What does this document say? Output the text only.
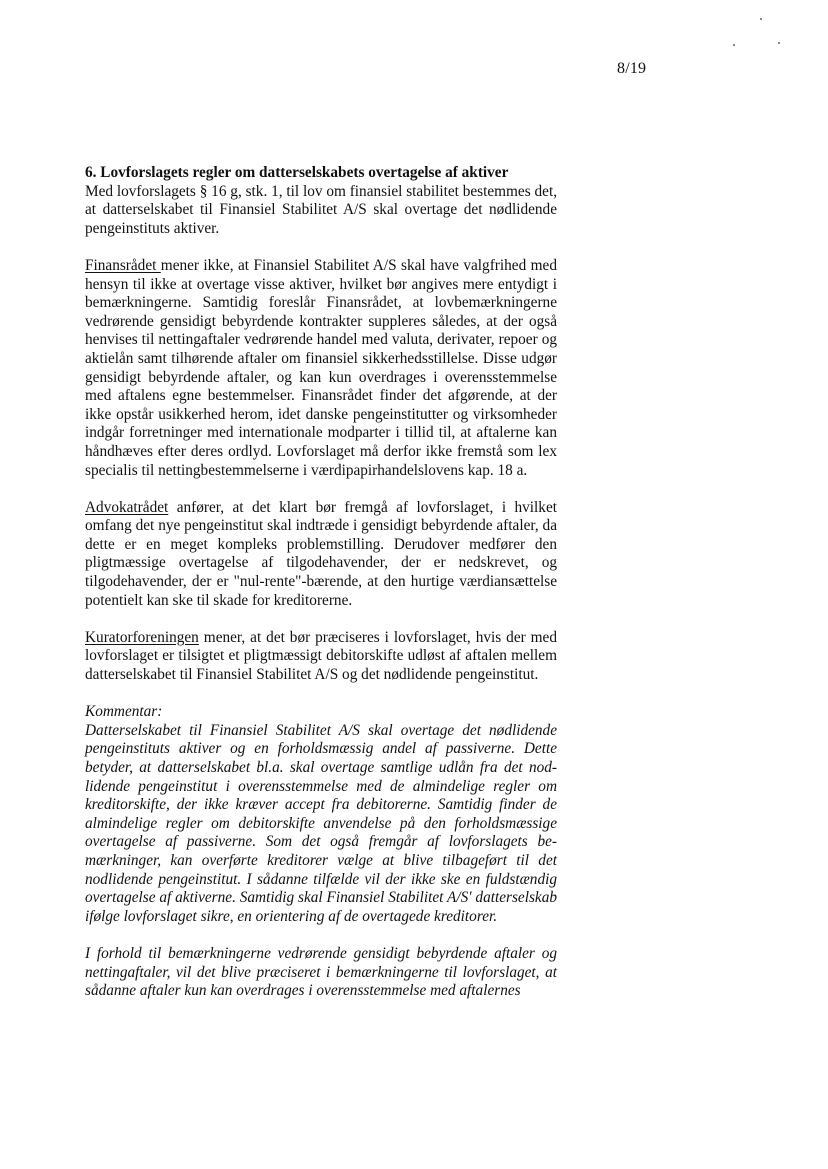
8/19

6. Lovforslagets regler om datterselskabets overtagelse af aktiver

Med lovforslagets § 16 g, stk. 1, til lov om finansiel stabilitet bestemmes det, at datterselskabet til Finansiel Stabilitet A/S skal overtage det nødlidende pengeinstituts aktiver.

Finansrådet mener ikke, at Finansiel Stabilitet A/S skal have valgfrihed med hensyn til ikke at overtage visse aktiver, hvilket bør angives mere entydigt i bemærkningerne. Samtidig foreslår Finansrådet, at lovbemærkningerne vedrørende gensidigt bebyrdende kontrakter suppleres således, at der også henvises til nettingaftaler vedrørende handel med valuta, derivater, repoer og aktielån samt tilhørende aftaler om finansiel sikkerhedsstillelse. Disse udgør gensidigt bebyrdende aftaler, og kan kun overdrages i overensstemmelse med aftalens egne bestemmelser. Finansrådet finder det afgørende, at der ikke opstår usikkerhed herom, idet danske pengeinstitutter og virksomheder indgår forretninger med internationale modparter i tillid til, at aftalerne kan håndhæves efter deres ordlyd. Lovforslaget må derfor ikke fremstå som lex specialis til nettingbestemmelserne i værdipapirhandelslovens kap. 18 a.

Advokatrådet anfører, at det klart bør fremgå af lovforslaget, i hvilket omfang det nye pengeinstitut skal indtræde i gensidigt bebyrdende aftaler, da dette er en meget kompleks problemstilling. Derudover medfører den pligtmæssige overtagelse af tilgodehavender, der er nedskrevet, og tilgodehavender, der er "nul-rente"-bærende, at den hurtige værdiansættelse potentielt kan ske til skade for kreditorerne.

Kuratorforeningen mener, at det bør præciseres i lovforslaget, hvis der med lovforslaget er tilsigtet et pligtmæssigt debitorskifte udløst af aftalen mellem datterselskabet til Finansiel Stabilitet A/S og det nødlidende pengeinstitut.

Kommentar:

Datterselskabet til Finansiel Stabilitet A/S skal overtage det nødlidende pengeinstituts aktiver og en forholdsmæssig andel af passiverne. Dette betyder, at datterselskabet bl.a. skal overtage samtlige udlån fra det nodlidende pengeinstitut i overensstemmelse med de almindelige regler om kreditorskifte, der ikke kræver accept fra debitorerne. Samtidig finder de almindelige regler om debitorskifte anvendelse på den forholdsmæssige overtagelse af passiverne. Som det også fremgår af lovforslagets bemærkninger, kan overførte kreditorer vælge at blive tilbageført til det nodlidende pengeinstitut. I sådanne tilfælde vil der ikke ske en fuldstændig overtagelse af aktiverne. Samtidig skal Finansiel Stabilitet A/S' datterselskab ifølge lovforslaget sikre, en orientering af de overtagede kreditorer.

I forhold til bemærkningerne vedrørende gensidigt bebyrdende aftaler og nettingaftaler, vil det blive præciseret i bemærkningerne til lovforslaget, at sådanne aftaler kun kan overdrages i overensstemmelse med aftalernes
